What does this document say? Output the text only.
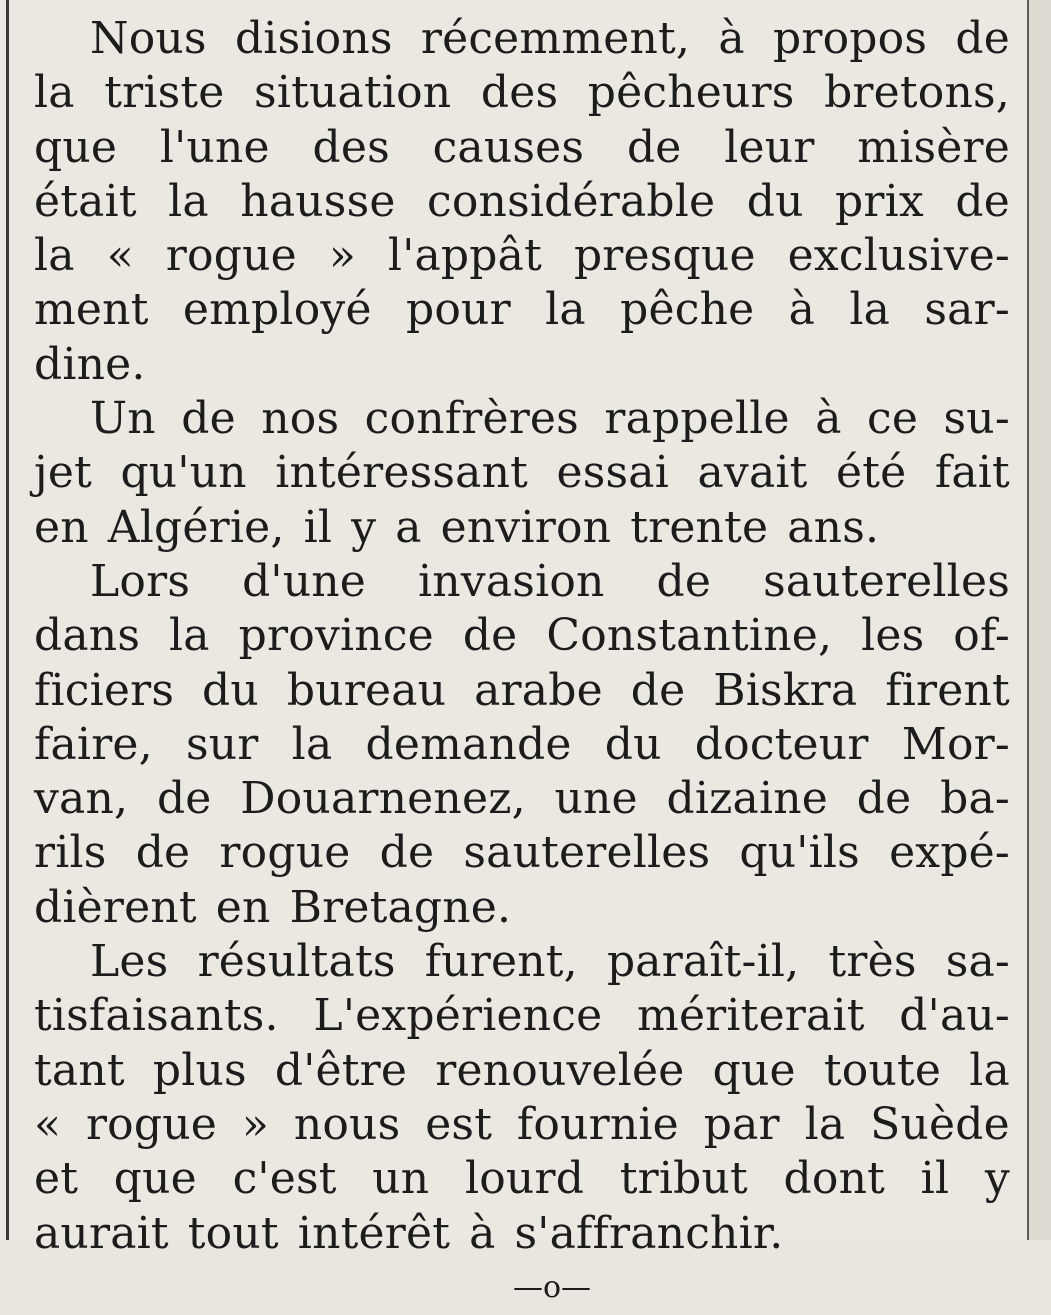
Nous disions récemment, à propos de
la triste situation des pêcheurs bretons,
que l'une des causes de leur misère
était la hausse considérable du prix de
la « rogue » l'appât presque exclusive-
ment employé pour la pêche à la sar-
dine.
Un de nos confrères rappelle à ce su-
jet qu'un intéressant essai avait été fait
en Algérie, il y a environ trente ans.
Lors d'une invasion de sauterelles
dans la province de Constantine, les of-
ficiers du bureau arabe de Biskra firent
faire, sur la demande du docteur Mor-
van, de Douarnenez, une dizaine de ba-
rils de rogue de sauterelles qu'ils expé-
dièrent en Bretagne.
Les résultats furent, paraît-il, très sa-
tisfaisants. L'expérience mériterait d'au-
tant plus d'être renouvelée que toute la
« rogue » nous est fournie par la Suède
et que c'est un lourd tribut dont il y
aurait tout intérêt à s'affranchir.
—o—
